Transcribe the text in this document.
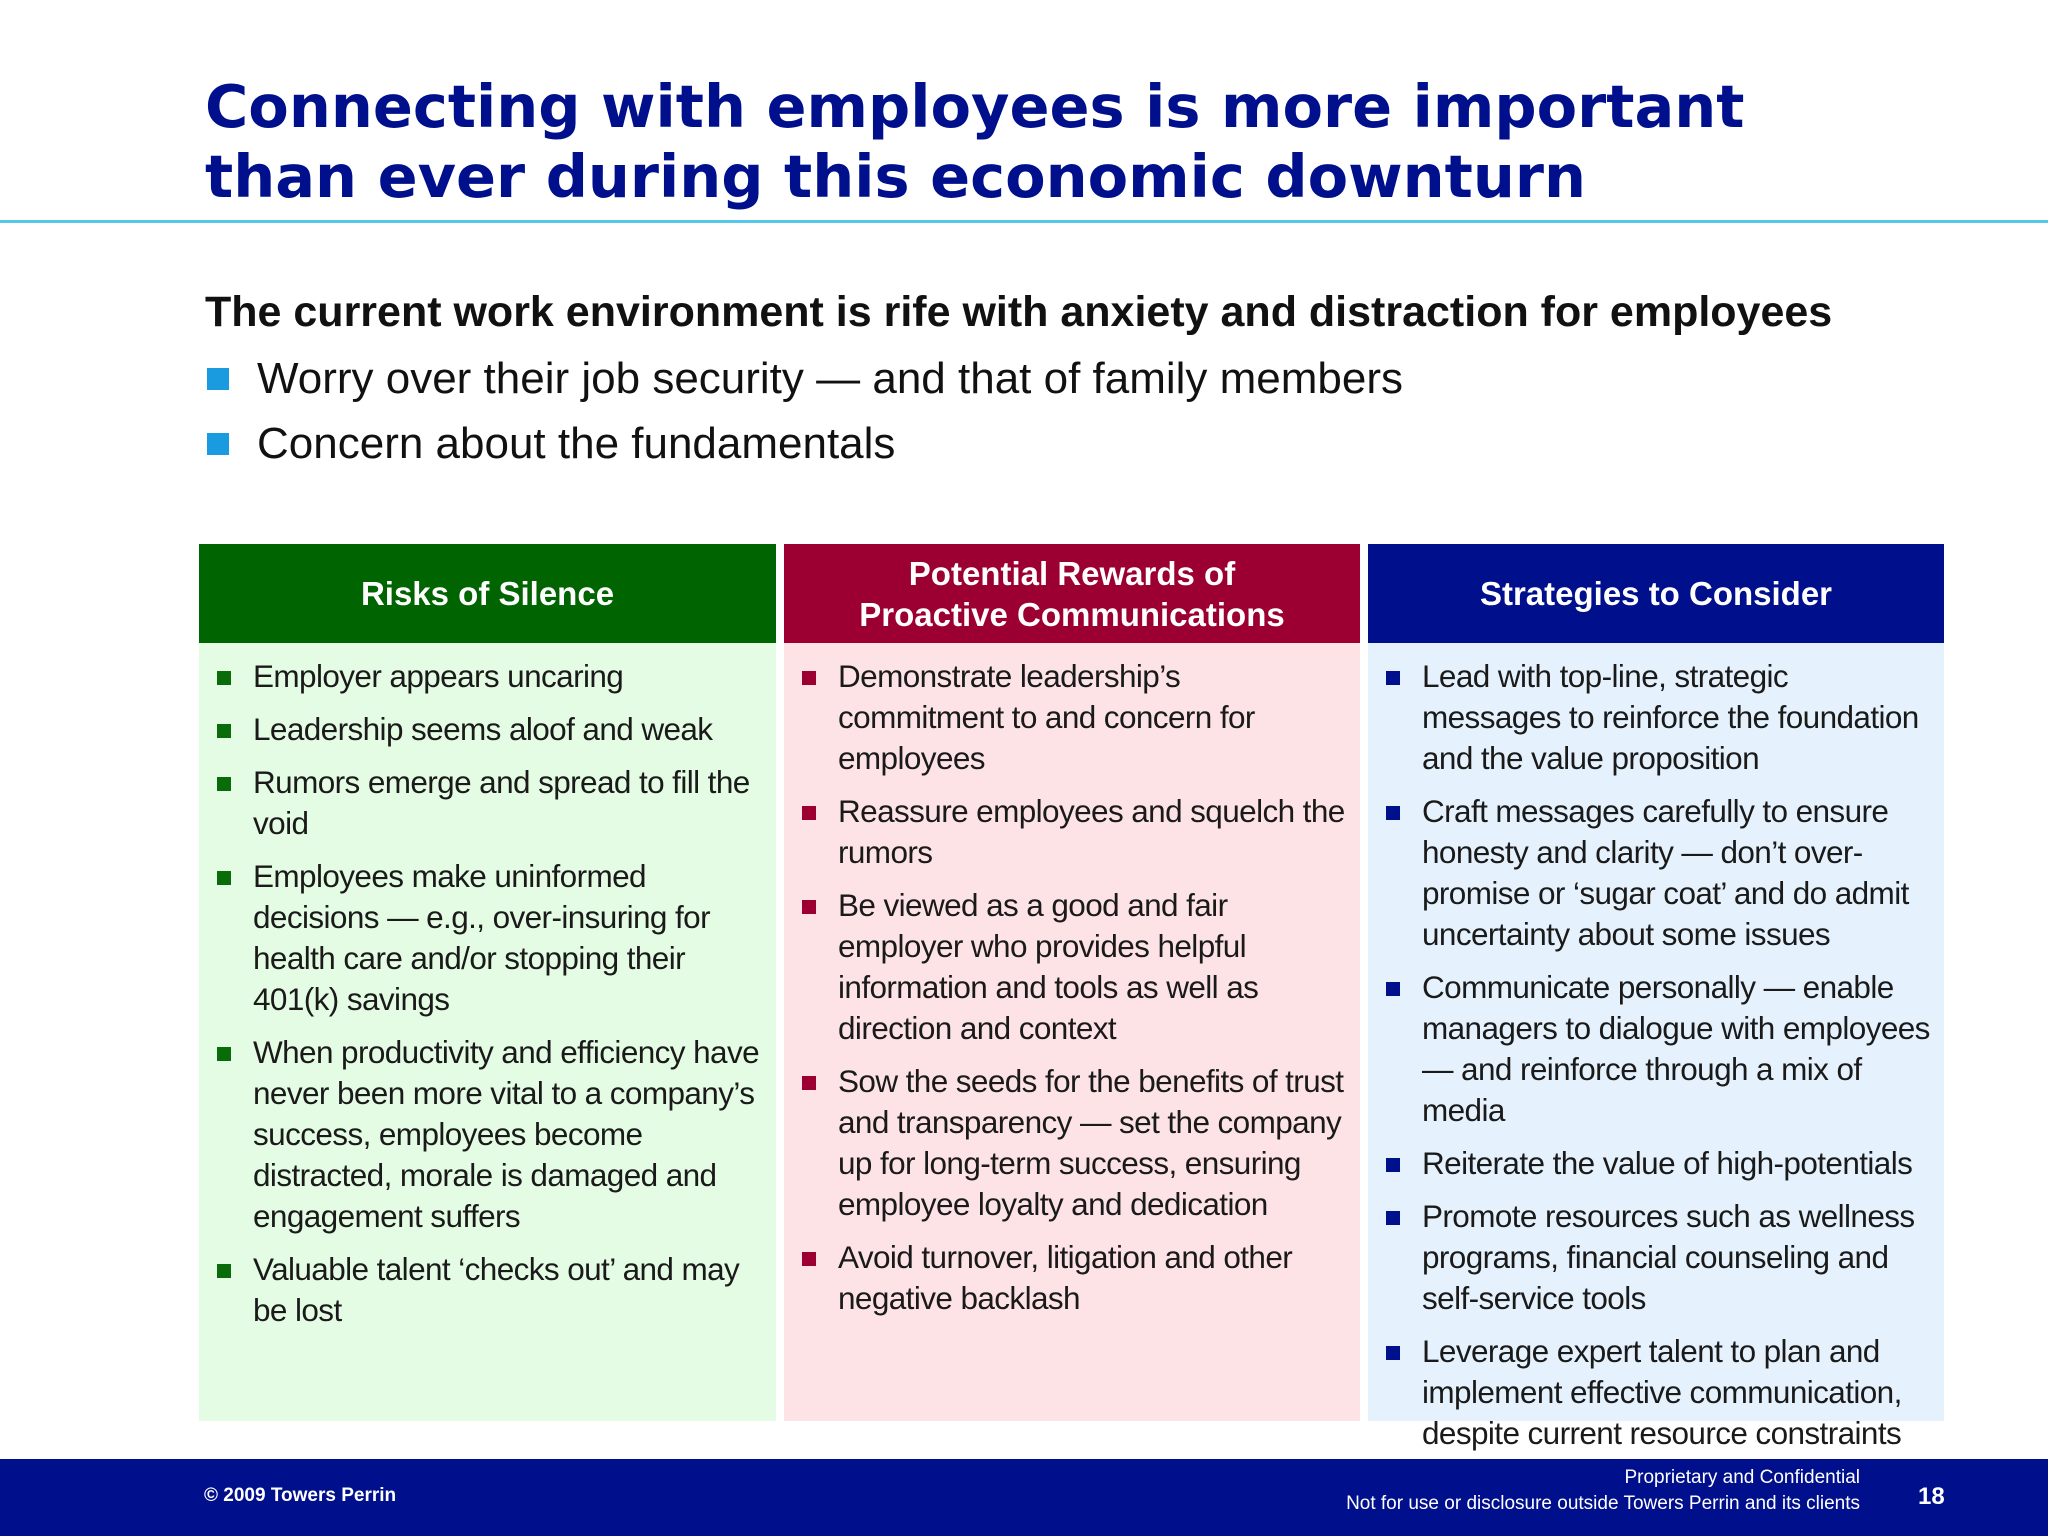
Connecting with employees is more important
than ever during this economic downturn

The current work environment is rife with anxiety and distraction for employees

Worry over their job security — and that of family members
Concern about the fundamentals
Risks of Silence
Employer appears uncaring
Leadership seems aloof and weak
Rumors emerge and spread to fill the void
Employees make uninformed decisions — e.g., over-insuring for health care and/or stopping their 401(k) savings
When productivity and efficiency have never been more vital to a company’s success, employees become distracted, morale is damaged and engagement suffers
Valuable talent ‘checks out’ and may be lost
Potential Rewards of
Proactive Communications
Demonstrate leadership’s commitment to and concern for employees
Reassure employees and squelch the rumors
Be viewed as a good and fair employer who provides helpful information and tools as well as direction and context
Sow the seeds for the benefits of trust and transparency — set the company up for long-term success, ensuring employee loyalty and dedication
Avoid turnover, litigation and other negative backlash
Strategies to Consider
Lead with top-line, strategic messages to reinforce the foundation and the value proposition
Craft messages carefully to ensure honesty and clarity — don’t over-promise or ‘sugar coat’ and do admit uncertainty about some issues
Communicate personally — enable managers to dialogue with employees — and reinforce through a mix of media
Reiterate the value of high-potentials
Promote resources such as wellness programs, financial counseling and self-service tools
Leverage expert talent to plan and implement effective communication, despite current resource constraints
© 2009 Towers Perrin
Proprietary and Confidential
Not for use or disclosure outside Towers Perrin and its clients 18
